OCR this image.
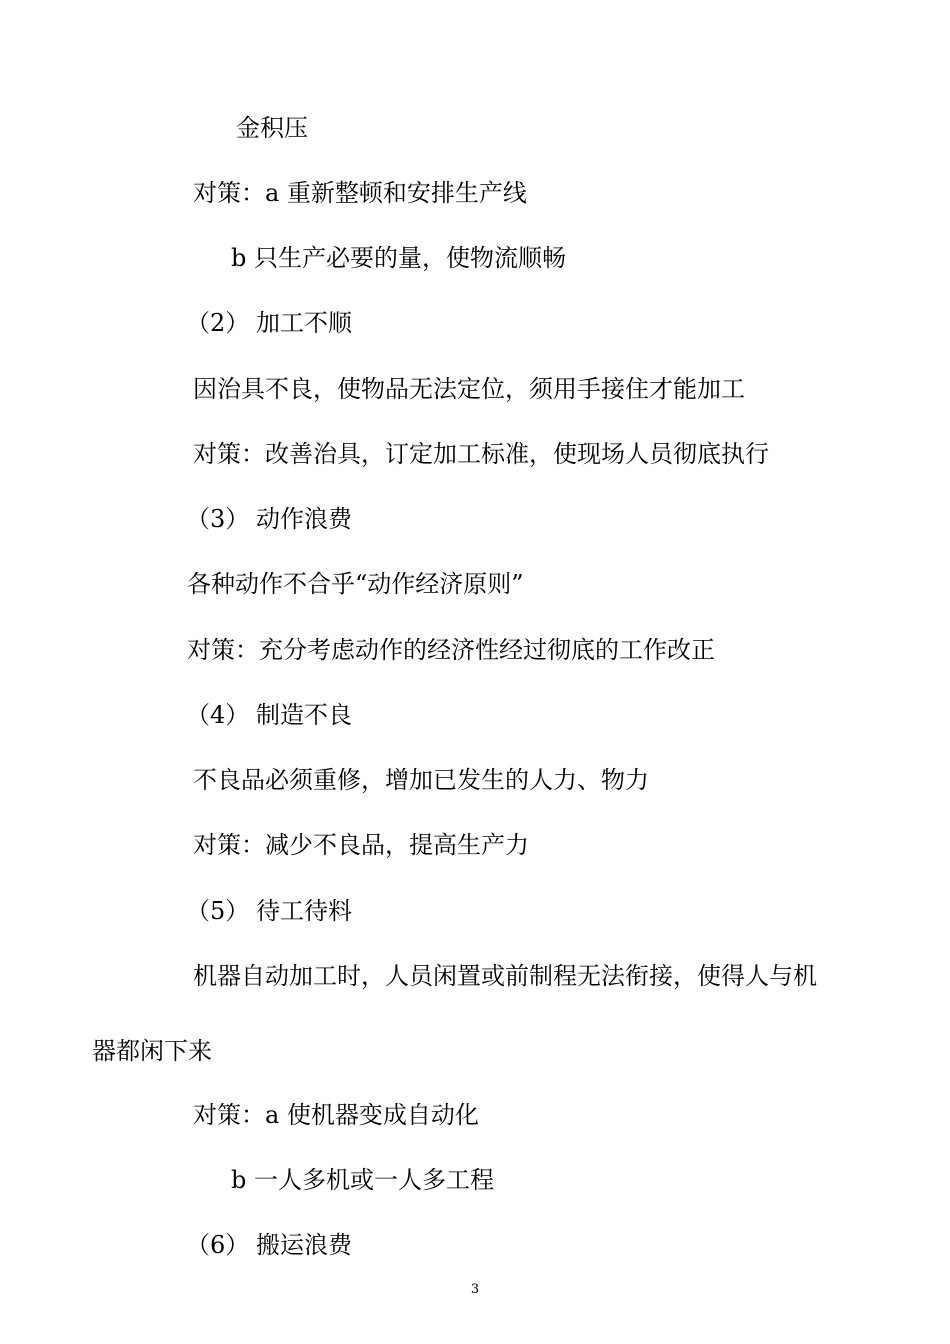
金积压
对策：a 重新整顿和安排生产线
b 只生产必要的量，使物流顺畅
（2） 加工不顺
因治具不良，使物品无法定位，须用手接住才能加工
对策：改善治具，订定加工标准，使现场人员彻底执行
（3） 动作浪费
各种动作不合乎“动作经济原则”
对策：充分考虑动作的经济性经过彻底的工作改正
（4） 制造不良
不良品必须重修，增加已发生的人力、物力
对策：减少不良品，提高生产力
（5） 待工待料
机器自动加工时，人员闲置或前制程无法衔接，使得人与机
器都闲下来
对策：a 使机器变成自动化
b 一人多机或一人多工程
（6） 搬运浪费
3
